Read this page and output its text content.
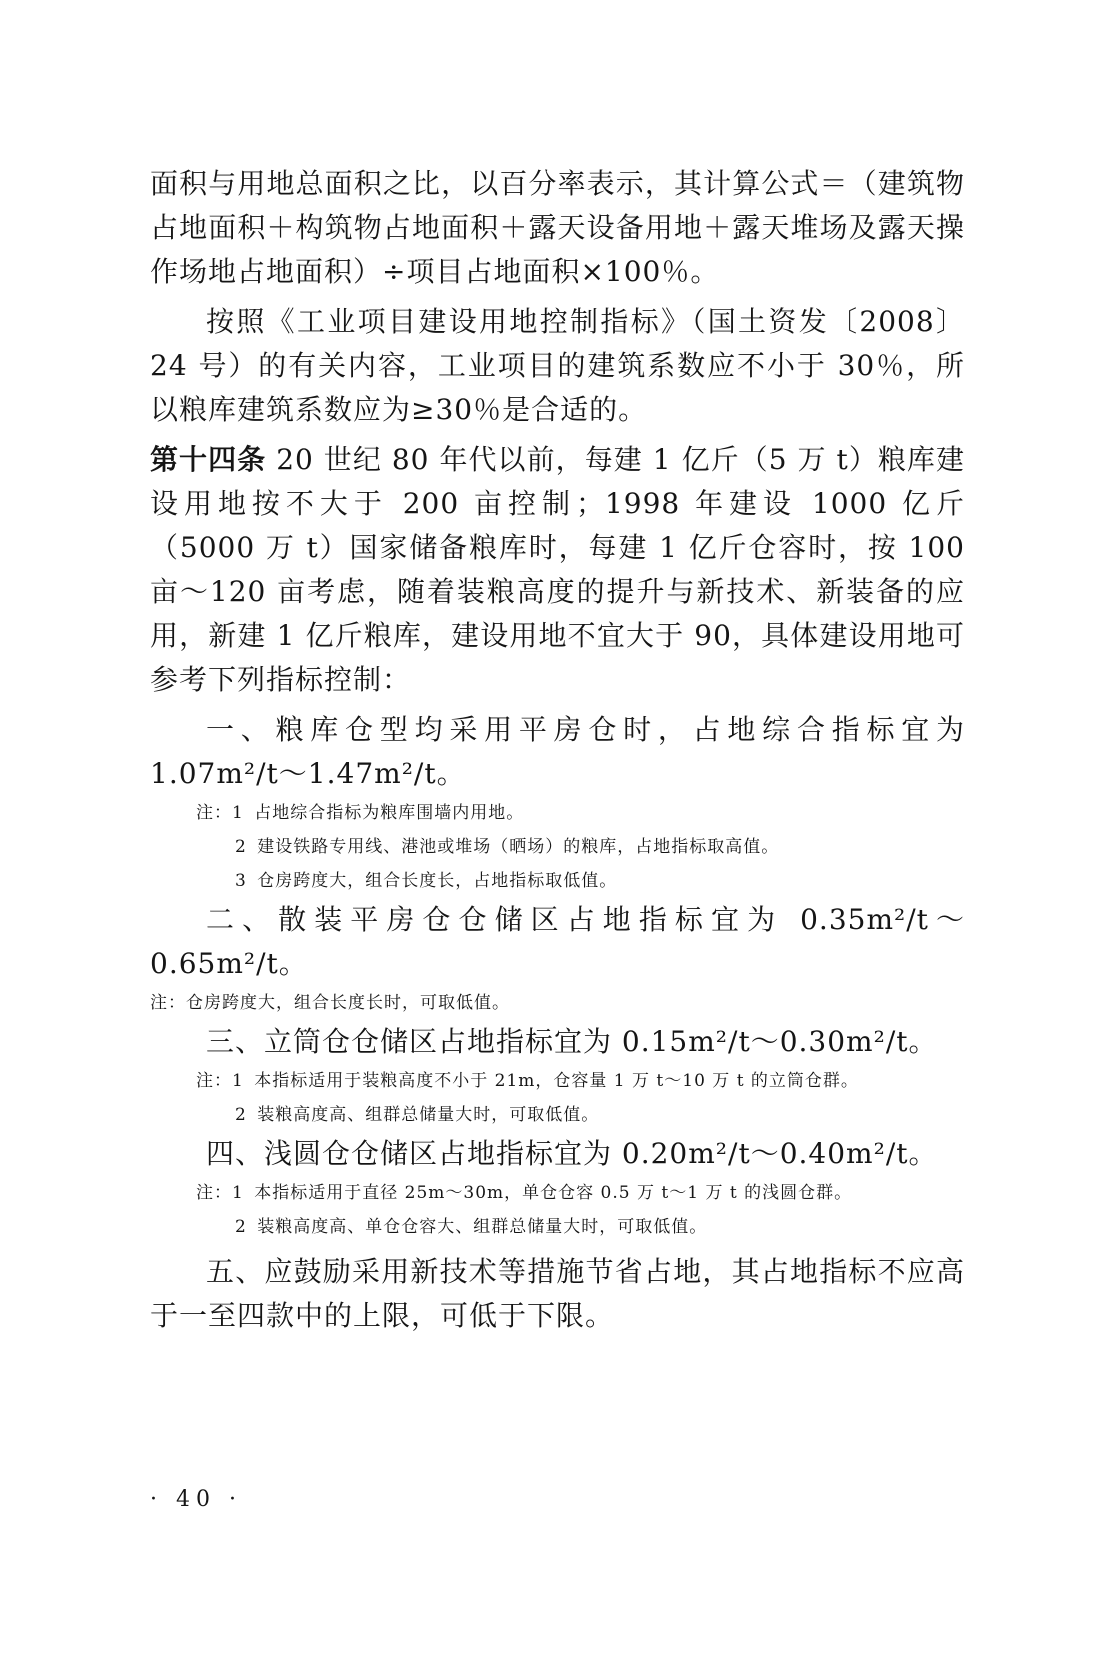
面积与用地总面积之比，以百分率表示，其计算公式＝（建筑物占地面积＋构筑物占地面积＋露天设备用地＋露天堆场及露天操作场地占地面积）÷项目占地面积×100％。

按照《工业项目建设用地控制指标》（国土资发〔2008〕24 号）的有关内容，工业项目的建筑系数应不小于 30％，所以粮库建筑系数应为≥30％是合适的。

第十四条 20 世纪 80 年代以前，每建 1 亿斤（5 万 t）粮库建设用地按不大于 200 亩控制；1998 年建设 1000 亿斤（5000 万 t）国家储备粮库时，每建 1 亿斤仓容时，按 100 亩～120 亩考虑，随着装粮高度的提升与新技术、新装备的应用，新建 1 亿斤粮库，建设用地不宜大于 90，具体建设用地可参考下列指标控制：

一、粮库仓型均采用平房仓时，占地综合指标宜为 1.07m²/t～1.47m²/t。

注：1 占地综合指标为粮库围墙内用地。

2 建设铁路专用线、港池或堆场（晒场）的粮库，占地指标取高值。

3 仓房跨度大，组合长度长，占地指标取低值。

二、散装平房仓仓储区占地指标宜为 0.35m²/t～0.65m²/t。

注：仓房跨度大，组合长度长时，可取低值。

三、立筒仓仓储区占地指标宜为 0.15m²/t～0.30m²/t。

注：1 本指标适用于装粮高度不小于 21m，仓容量 1 万 t～10 万 t 的立筒仓群。

2 装粮高度高、组群总储量大时，可取低值。

四、浅圆仓仓储区占地指标宜为 0.20m²/t～0.40m²/t。

注：1 本指标适用于直径 25m～30m，单仓仓容 0.5 万 t～1 万 t 的浅圆仓群。

2 装粮高度高、单仓仓容大、组群总储量大时，可取低值。

五、应鼓励采用新技术等措施节省占地，其占地指标不应高于一至四款中的上限，可低于下限。

· 40 ·
